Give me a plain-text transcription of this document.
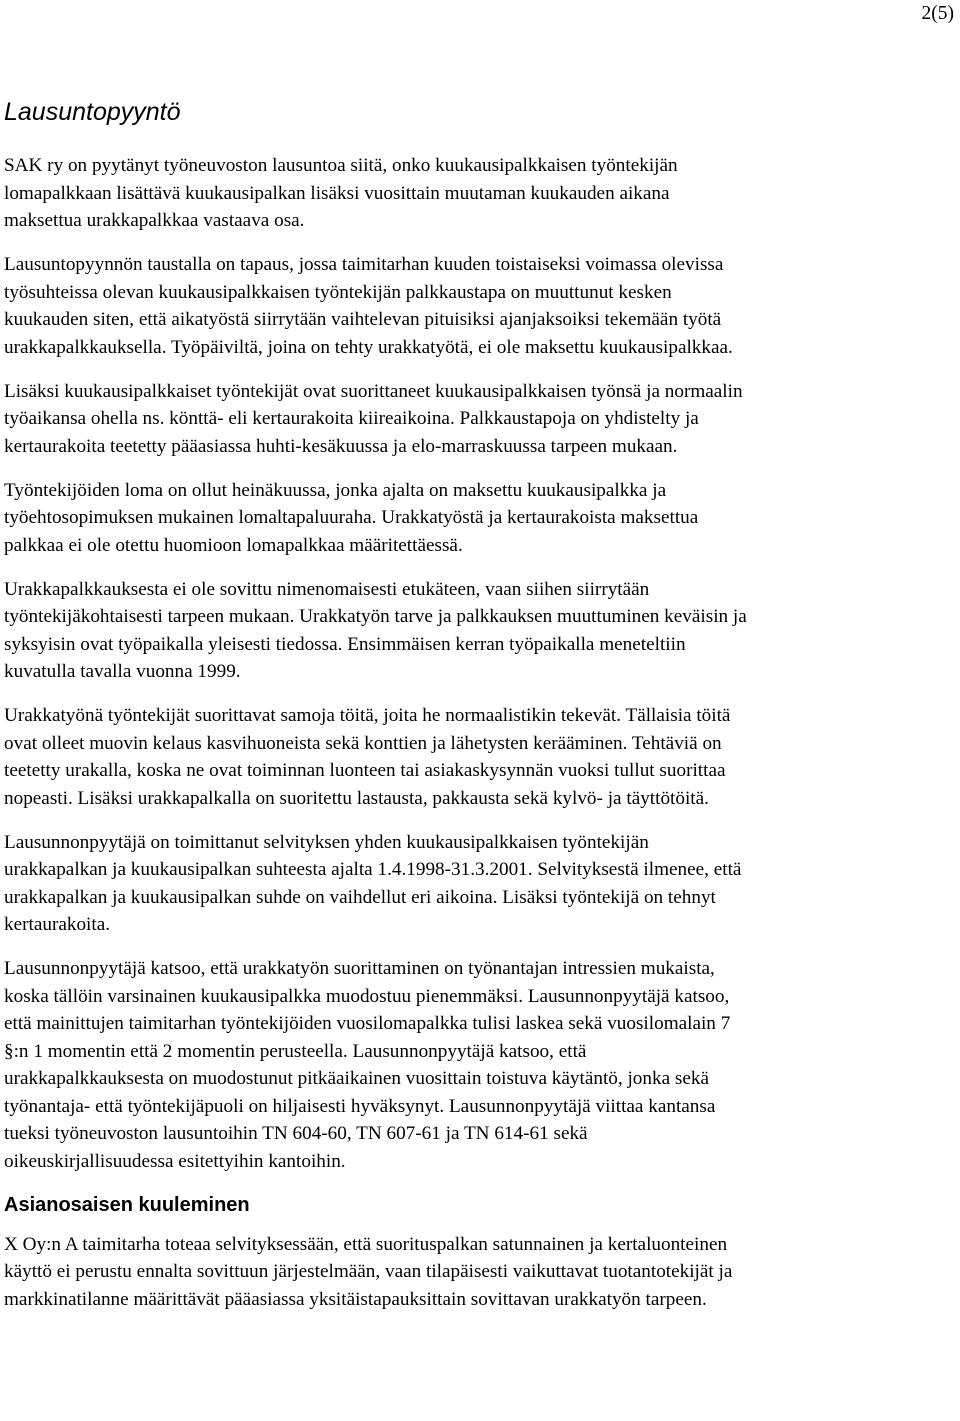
2(5)
Lausuntopyyntö

SAK ry on pyytänyt työneuvoston lausuntoa siitä, onko kuukausipalkkaisen työntekijän
lomapalkkaan lisättävä kuukausipalkan lisäksi vuosittain muutaman kuukauden aikana
maksettua urakkapalkkaa vastaava osa.

Lausuntopyynnön taustalla on tapaus, jossa taimitarhan kuuden toistaiseksi voimassa olevissa
työsuhteissa olevan kuukausipalkkaisen työntekijän palkkaustapa on muuttunut kesken
kuukauden siten, että aikatyöstä siirrytään vaihtelevan pituisiksi ajanjaksoiksi tekemään työtä
urakkapalkkauksella. Työpäiviltä, joina on tehty urakkatyötä, ei ole maksettu kuukausipalkkaa.

Lisäksi kuukausipalkkaiset työntekijät ovat suorittaneet kuukausipalkkaisen työnsä ja normaalin
työaikansa ohella ns. könttä- eli kertaurakoita kiireaikoina. Palkkaustapoja on yhdistelty ja
kertaurakoita teetetty pääasiassa huhti-kesäkuussa ja elo-marraskuussa tarpeen mukaan.

Työntekijöiden loma on ollut heinäkuussa, jonka ajalta on maksettu kuukausipalkka ja
työehtosopimuksen mukainen lomaltapaluuraha. Urakkatyöstä ja kertaurakoista maksettua
palkkaa ei ole otettu huomioon lomapalkkaa määritettäessä.

Urakkapalkkauksesta ei ole sovittu nimenomaisesti etukäteen, vaan siihen siirrytään
työntekijäkohtaisesti tarpeen mukaan. Urakkatyön tarve ja palkkauksen muuttuminen keväisin ja
syksyisin ovat työpaikalla yleisesti tiedossa. Ensimmäisen kerran työpaikalla meneteltiin
kuvatulla tavalla vuonna 1999.

Urakkatyönä työntekijät suorittavat samoja töitä, joita he normaalistikin tekevät. Tällaisia töitä
ovat olleet muovin kelaus kasvihuoneista sekä konttien ja lähetysten kerääminen. Tehtäviä on
teetetty urakalla, koska ne ovat toiminnan luonteen tai asiakaskysynnän vuoksi tullut suorittaa
nopeasti. Lisäksi urakkapalkalla on suoritettu lastausta, pakkausta sekä kylvö- ja täyttötöitä.

Lausunnonpyytäjä on toimittanut selvityksen yhden kuukausipalkkaisen työntekijän
urakkapalkan ja kuukausipalkan suhteesta ajalta 1.4.1998-31.3.2001. Selvityksestä ilmenee, että
urakkapalkan ja kuukausipalkan suhde on vaihdellut eri aikoina. Lisäksi työntekijä on tehnyt
kertaurakoita.

Lausunnonpyytäjä katsoo, että urakkatyön suorittaminen on työnantajan intressien mukaista,
koska tällöin varsinainen kuukausipalkka muodostuu pienemmäksi. Lausunnonpyytäjä katsoo,
että mainittujen taimitarhan työntekijöiden vuosilomapalkka tulisi laskea sekä vuosilomalain 7
§:n 1 momentin että 2 momentin perusteella. Lausunnonpyytäjä katsoo, että
urakkapalkkauksesta on muodostunut pitkäaikainen vuosittain toistuva käytäntö, jonka sekä
työnantaja- että työntekijäpuoli on hiljaisesti hyväksynyt. Lausunnonpyytäjä viittaa kantansa
tueksi työneuvoston lausuntoihin TN 604-60, TN 607-61 ja TN 614-61 sekä
oikeuskirjallisuudessa esitettyihin kantoihin.

Asianosaisen kuuleminen

X Oy:n A taimitarha toteaa selvityksessään, että suorituspalkan satunnainen ja kertaluonteinen
käyttö ei perustu ennalta sovittuun järjestelmään, vaan tilapäisesti vaikuttavat tuotantotekijät ja
markkinatilanne määrittävät pääasiassa yksitäistapauksittain sovittavan urakkatyön tarpeen.
